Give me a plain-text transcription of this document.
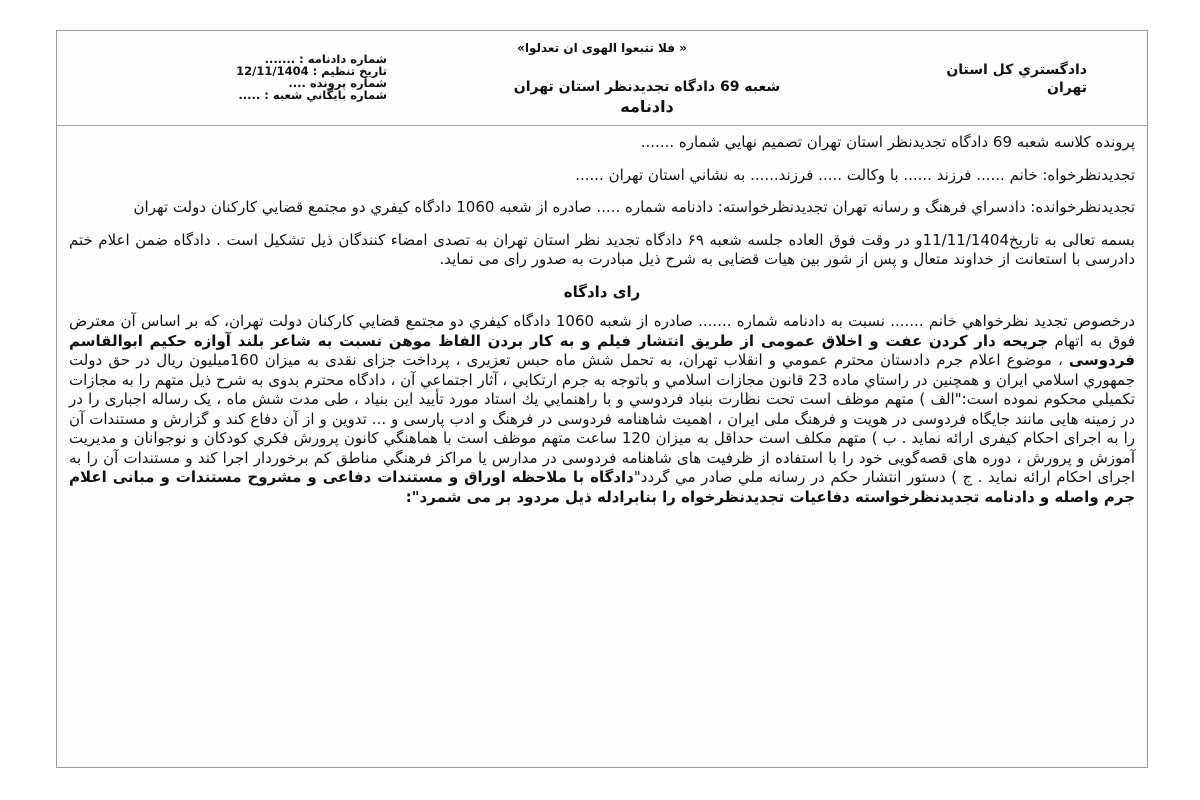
«فلا تتبعوا الهوی ان تعدلوا »
دادگستري كل استان
تهران
شعبه 69 دادگاه تجديدنظر استان تهران
دادنامه
شماره دادنامه : .......
تاريخ تنظيم : 12/11/1404
شماره پرونده ....
شماره بايگاني شعبه : .....

پرونده كلاسه شعبه 69 دادگاه تجديدنظر استان تهران تصميم نهايي شماره .......

تجديدنظرخواه: خانم ...... فرزند ...... با وكالت ..... فرزند...... به نشاني استان تهران ......

تجديدنظرخوانده: دادسراي فرهنگ و رسانه تهران تجديدنظرخواسته: دادنامه شماره ..... صادره از شعبه 1060 دادگاه كيفري دو مجتمع قضايي كاركنان دولت تهران

بسمه تعالی به تاريخ11/11/1404و در وقت فوق العاده جلسه شعبه ۶۹ دادگاه تجدید نظر استان تهران به تصدی امضاء کنندگان ذیل تشکیل است . دادگاه ضمن اعلام ختم دادرسی با استعانت از خداوند متعال و پس از شور بین هیات قضایی به شرح ذیل مبادرت به صدور رای می نماید.

رای دادگاه

درخصوص تجديد نظرخواهي خانم ....... نسبت به دادنامه شماره ....... صادره از شعبه 1060 دادگاه كيفري دو مجتمع قضايي كاركنان دولت تهران، كه بر اساس آن معترض فوق به اتهام جريحه دار كردن عفت و اخلاق عمومی از طريق انتشار فيلم و به كار بردن الفاظ موهن نسبت به شاعر بلند آوازه حكيم ابوالقاسم فردوسی ، موضوع اعلام جرم دادستان محترم عمومي و انقلاب تهران، به تحمل شش ماه حبس تعزيری ، پرداخت جزای نقدی به ميزان 160ميليون ريال در حق دولت جمهوري اسلامي ايران و همچنين در راستاي ماده 23 قانون مجازات اسلامي و باتوجه به جرم ارتكابي ، آثار اجتماعي آن ، دادگاه محترم بدوی به شرح ذيل متهم را به مجازات تكميلي محكوم نموده است:"الف ) متهم موظف است تحت نظارت بنياد فردوسي و با راهنمايي يك استاد مورد تأييد اين بنياد ، طی مدت شش ماه ، یک رساله اجباری را در در زمينه هايی مانند جايگاه فردوسی در هویت و فرهنگ ملی ایران ، اهميت شاهنامه فردوسی در فرهنگ و ادب پارسی و ... تدوين و از آن دفاع كند و گزارش و مستندات آن را به اجرای احکام کیفری ارائه نماید . ب ) متهم مكلف است حداقل به ميزان 120 ساعت متهم موظف است با هماهنگي كانون پرورش فكري كودكان و نوجوانان و مديريت آموزش و پرورش ، دوره های قصه‌گويی خود را با استفاده از ظرفيت های شاهنامه فردوسی در مدارس يا مراكز فرهنگي مناطق كم برخوردار اجرا كند و مستندات آن را به اجرای احكام ارائه نمايد . ج ) دستور انتشار حكم در رسانه ملي صادر مي گردد"دادگاه با ملاحظه اوراق و مستندات دفاعی و مشروح مستندات و مبانی اعلام جرم واصله و دادنامه تجديدنظرخواسته دفاعيات تجديدنظرخواه را بنابرادله ذيل مردود بر می شمرد":
